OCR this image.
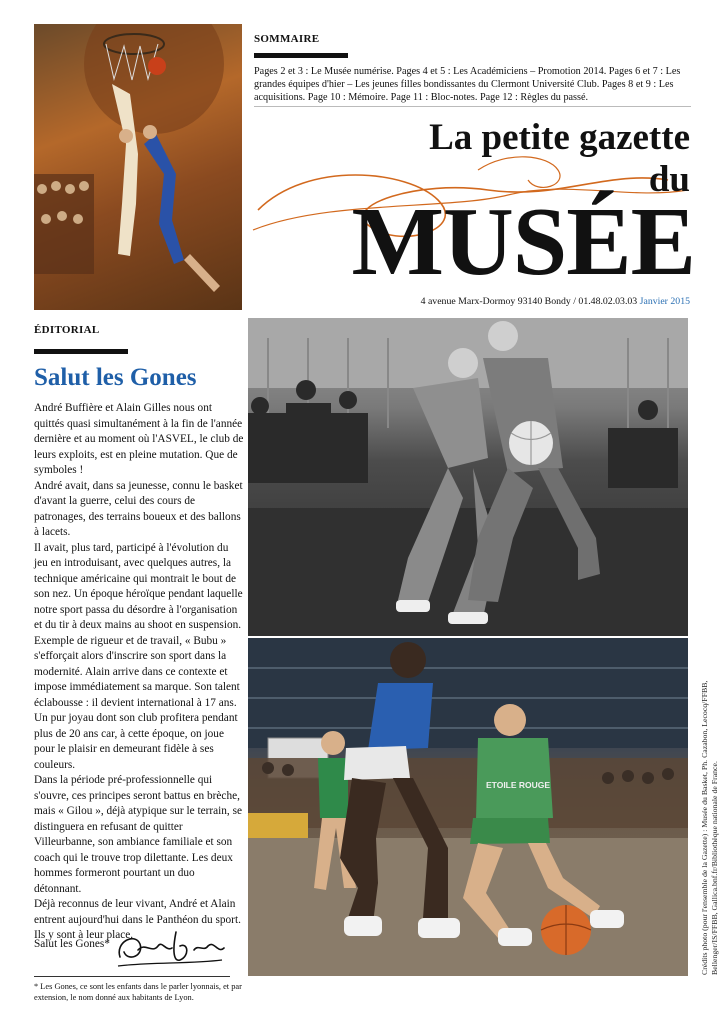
SOMMAIRE
Pages 2 et 3 : Le Musée numérise. Pages 4 et 5 : Les Académiciens – Promotion 2014. Pages 6 et 7 : Les grandes équipes d'hier – Les jeunes filles bondissantes du Clermont Université Club. Pages 8 et 9 : Les acquisitions. Page 10 : Mémoire. Page 11 : Bloc-notes. Page 12 : Règles du passé.
La petite gazette
du
MUSÉE
4 avenue Marx-Dormoy 93140 Bondy / 01.48.02.03.03 Janvier 2015
ÉDITORIAL
Salut les Gones

André Buffière et Alain Gilles nous ont quittés quasi simultanément à la fin de l'année dernière et au moment où l'ASVEL, le club de leurs exploits, est en pleine mutation. Que de symboles !

André avait, dans sa jeunesse, connu le basket d'avant la guerre, celui des cours de patronages, des terrains boueux et des ballons à lacets.

Il avait, plus tard, participé à l'évolution du jeu en introduisant, avec quelques autres, la technique américaine qui montrait le bout de son nez. Un époque héroïque pendant laquelle notre sport passa du désordre à l'organisation et du tir à deux mains au shoot en suspension.

Exemple de rigueur et de travail, « Bubu » s'efforçait alors d'inscrire son sport dans la modernité. Alain arrive dans ce contexte et impose immédiatement sa marque. Son talent éclabousse : il devient international à 17 ans. Un pur joyau dont son club profitera pendant plus de 20 ans car, à cette époque, on joue pour le plaisir en demeurant fidèle à ses couleurs.

Dans la période pré-professionnelle qui s'ouvre, ces principes seront battus en brèche, mais « Gilou », déjà atypique sur le terrain, se distinguera en refusant de quitter Villeurbanne, son ambiance familiale et son coach qui le trouve trop dilettante. Les deux hommes formeront pourtant un duo détonnant.

Déjà reconnus de leur vivant, André et Alain entrent aujourd'hui dans le Panthéon du sport. Ils y sont à leur place.

Salut les Gones*
* Les Gones, ce sont les enfants dans le parler lyonnais, et par extension, le nom donné aux habitants de Lyon.
ETOILE ROUGE	Crédits photo (pour l'ensemble de la Gazette) : Musée du Basket, Ph. Cazabon, Lecocq/FFBB, Bellenger/IS/FFBB, Gallica.bnf.fr/Bibliothèque nationale de France.
